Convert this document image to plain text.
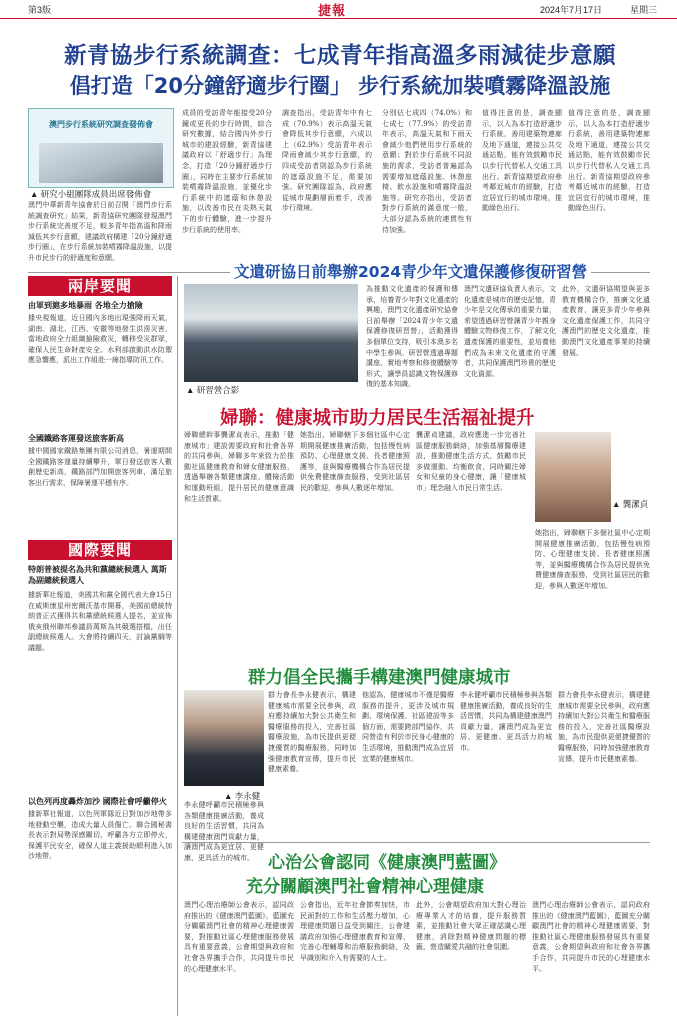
第3版	捷報	2024年7月17日	星期三
新青協步行系統調查：七成青年指高溫多雨減徒步意願
倡打造「20分鐘舒適步行圈」 步行系統加裝噴霧降溫設施
澳門步行系統研究調查發佈會
▲ 研究小組團隊成員出席發佈會
澳門中華新青年協會於日前召開「澳門步行系統調查研究」結果，新青協研究團隊發現澳門步行系統完善度不足，較多青年指高溫和降雨減低其步行意願，建議政府構建「20分鐘舒適步行圈」，在步行系統加裝噴霧降溫設施，以提升市民步行的舒適度和意願。
成員的受訪青年能接受20分鐘或更長的步行時間，綜合研究數據，結合國內外步行城市的建設經驗，新青協建議政府以「舒適步行」為理念，打造「20分鐘舒適步行圈」，同時在主要步行系統加裝噴霧降溫設施，並優化步行系統中的遮蔭和休憩設施，以改善市民在炎熱天氣下的步行體驗，進一步提升步行系統的使用率。
調查指出，受訪青年中有七成（70.9%）表示高溫天氣會降低其步行意願，六成以上（62.9%）受訪青年表示降雨會減少其步行意願，約四成受訪者則認為步行系統的遮蔭設施不足，需要加強。研究團隊認為，政府應從城市規劃層面着手，改善步行環境。
分別佔七成四（74.0%）和七成七（77.9%）的受訪青年表示，高溫天氣和下雨天會減少他們使用步行系統的意願；對於步行系統不同設施的需求，受訪者普遍認為需要增加遮蔭設施、休憩座椅、飲水設施和噴霧降溫設施等。研究亦指出，受訪者對步行系統的滿意度一般，大部分認為系統的連貫性有待加強。
值得注意的是，調查顯示，以人為本打造舒適步行系統，善用建築物連廊及地下通道，連接公共交通站點，能有效鼓勵市民以步行代替私人交通工具出行。新青協期望政府參考鄰近城市的經驗，打造宜居宜行的城市環境，推動綠色出行。
值得注意的是，調查顯示，以人為本打造舒適步行系統，善用建築物連廊及地下通道，連接公共交通站點，能有效鼓勵市民以步行代替私人交通工具出行。新青協期望政府參考鄰近城市的經驗，打造宜居宜行的城市環境，推動綠色出行。
兩岸要聞
由軍到滬多地暴雨 各地全力搶險
據央視報道，近日國內多地出現強降雨天氣，湖南、湖北、江西、安徽等地發生洪澇災害，當地政府全力組織搶險救災，轉移受災群眾，確保人民生命財產安全。水利部啟動洪水防禦應急響應，派出工作組赴一線指導防汛工作。
全國鐵路客運發送旅客新高
據中國國家鐵路集團有限公司消息，暑運期間全國鐵路客運量持續攀升，單日發送旅客人數創歷史新高，鐵路部門加開旅客列車，滿足旅客出行需求，保障暑運平穩有序。
國際要聞
特朗普被提名為共和黨總統候選人 萬斯為副總統候選人
據新華社報道，美國共和黨全國代表大會15日在威斯康星州密爾沃基市開幕，美國前總統特朗普正式獲得共和黨總統候選人提名，並宣佈俄亥俄州聯邦參議員萬斯為其競選搭檔，出任副總統候選人。大會將持續四天，討論黨綱等議題。
以色列再度轟炸加沙 國際社會呼籲停火
據新華社報道，以色列軍隊近日對加沙地帶多地發動空襲，造成大量人員傷亡。聯合國秘書長表示對局勢深感關切，呼籲各方立即停火，保護平民安全，確保人道主義援助順利進入加沙地帶。
文遺研協日前舉辦2024青少年文遺保護修復研習營
▲ 研習營合影
為推動文化遺產的保護和傳承，培養青少年對文化遺產的興趣，澳門文化遺產研究協會日前舉辦「2024青少年文遺保護修復研習營」，活動獲得多個單位支持，吸引本澳多名中學生參與。研習營透過專題講座、實地考察和修復體驗等形式，讓學員認識文物保護修復的基本知識。
澳門文遺研協負責人表示，文化遺產是城市的歷史記憶，青少年是文化傳承的重要力量，希望透過研習營讓青少年親身體驗文物修復工作，了解文化遺產保護的重要性，並培養他們成為未來文化遺產的守護者，共同保護澳門珍貴的歷史文化資源。
此外，文遺研協期望與更多教育機構合作，推廣文化遺產教育，讓更多青少年參與文化遺產保護工作，共同守護澳門的歷史文化遺產，推動澳門文化遺產事業的持續發展。
婦聯：健康城市助力居民生活福祉提升
婦聯總幹事龔潔貞表示，推動「健康城市」建設需要政府和社會各界的共同參與，婦聯多年來致力於推動社區健康教育和婦女健康服務，透過舉辦各類健康講座、體檢活動和運動班組，提升居民的健康意識和生活質素。
她指出，婦聯轄下多個社區中心定期開展健康推廣活動，包括慢性病預防、心理健康支援、長者健康照護等，並與醫療機構合作為居民提供免費健康篩查服務，受到社區居民的歡迎，參與人數逐年增加。
龔潔貞建議，政府應進一步完善社區健康服務網絡，加強基層醫療建設，推動健康生活方式，鼓勵市民多做運動、均衡飲食，同時關注婦女和兒童的身心健康，讓「健康城市」理念融入市民日常生活。
▲ 龔潔貞
她指出，婦聯轄下多個社區中心定期開展健康推廣活動，包括慢性病預防、心理健康支援、長者健康照護等，並與醫療機構合作為居民提供免費健康篩查服務，受到社區居民的歡迎，參與人數逐年增加。
群力倡全民攜手構建澳門健康城市
▲ 李永健
群力會長李永健表示，構建健康城市需要全民參與，政府應持續加大對公共衛生和醫療服務的投入，完善社區醫療設施，為市民提供更便捷優質的醫療服務，同時加強健康教育宣傳，提升市民健康素養。
他認為，健康城市不僅是醫療服務的提升，更涉及城市規劃、環境保護、社區建設等多個方面，需要跨部門協作，共同營造有利於市民身心健康的生活環境，推動澳門成為宜居宜業的健康城市。
李永健呼籲市民積極參與各類健康推廣活動，養成良好的生活習慣，共同為構建健康澳門貢獻力量，讓澳門成為更宜居、更健康、更具活力的城市。
群力會長李永健表示，構建健康城市需要全民參與，政府應持續加大對公共衛生和醫療服務的投入，完善社區醫療設施，為市民提供更便捷優質的醫療服務，同時加強健康教育宣傳，提升市民健康素養。
李永健呼籲市民積極參與各類健康推廣活動，養成良好的生活習慣，共同為構建健康澳門貢獻力量，讓澳門成為更宜居、更健康、更具活力的城市。 心治公會認同《健康澳門藍圖》
充分關顧澳門社會精神心理健康
澳門心理治療師公會表示，認同政府推出的《健康澳門藍圖》，藍圖充分關顧澳門社會的精神心理健康需要，對推動社區心理健康服務發展具有重要意義，公會期望與政府和社會各界攜手合作，共同提升市民的心理健康水平。
公會指出，近年社會節奏加快，市民面對的工作和生活壓力增加，心理健康問題日益受到關注，公會建議政府加強心理健康教育和宣傳，完善心理輔導和治療服務網絡，及早識別和介入有需要的人士。
此外，公會期望政府加大對心理治療專業人才的培養，提升服務質素，並推動社會大眾正確認識心理健康，消除對精神健康問題的標籤，營造關愛共融的社會氛圍。
澳門心理治療師公會表示，認同政府推出的《健康澳門藍圖》，藍圖充分關顧澳門社會的精神心理健康需要，對推動社區心理健康服務發展具有重要意義，公會期望與政府和社會各界攜手合作，共同提升市民的心理健康水平。
